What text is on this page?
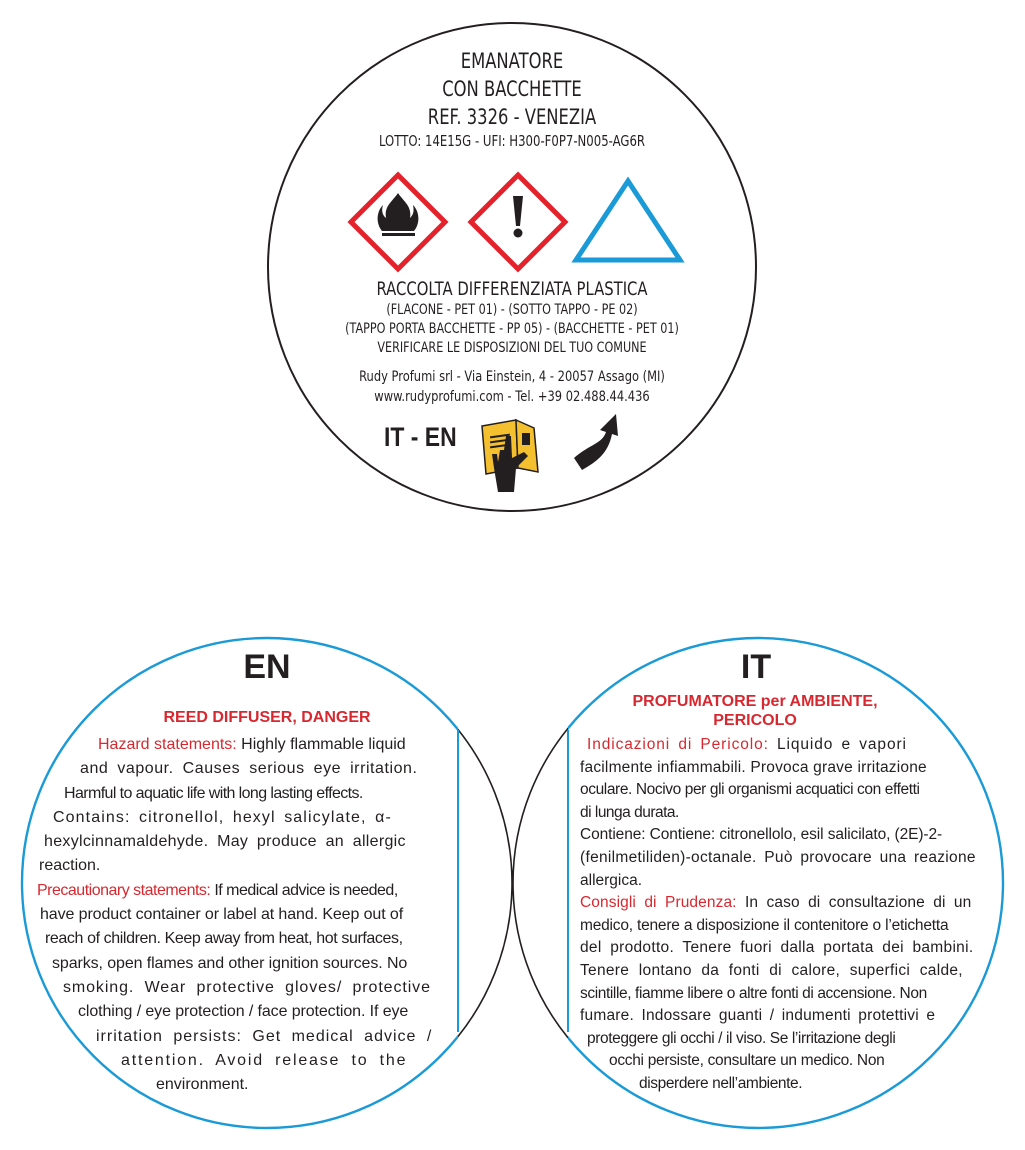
EMANATORE
CON BACCHETTE
REF. 3326 - VENEZIA
LOTTO: 14E15G - UFI: H300-F0P7-N005-AG6R
RACCOLTA DIFFERENZIATA PLASTICA
(FLACONE - PET 01) - (SOTTO TAPPO - PE 02)
(TAPPO PORTA BACCHETTE - PP 05) - (BACCHETTE - PET 01)
VERIFICARE LE DISPOSIZIONI DEL TUO COMUNE
Rudy Profumi srl - Via Einstein, 4 - 20057 Assago (MI)
www.rudyprofumi.com - Tel. +39 02.488.44.436
IT - EN
EN
REED DIFFUSER, DANGER
Hazard statements: Highly flammable liquid
and vapour. Causes serious eye irritation.
Harmful to aquatic life with long lasting effects.
Contains: citronellol, hexyl salicylate, α-
hexylcinnamaldehyde. May produce an allergic
reaction.
Precautionary statements: If medical advice is needed,
have product container or label at hand. Keep out of
reach of children. Keep away from heat, hot surfaces,
sparks, open flames and other ignition sources. No
smoking. Wear protective gloves/ protective
clothing / eye protection / face protection. If eye
irritation persists: Get medical advice /
attention. Avoid release to the
environment.
IT
PROFUMATORE per AMBIENTE,
PERICOLO
Indicazioni di Pericolo: Liquido e vapori
facilmente infiammabili. Provoca grave irritazione
oculare. Nocivo per gli organismi acquatici con effetti
di lunga durata.
Contiene: Contiene: citronellolo, esil salicilato, (2E)-2-
(fenilmetiliden)-octanale. Può provocare una reazione
allergica.
Consigli di Prudenza: In caso di consultazione di un
medico, tenere a disposizione il contenitore o l’etichetta
del prodotto. Tenere fuori dalla portata dei bambini.
Tenere lontano da fonti di calore, superfici calde,
scintille, fiamme libere o altre fonti di accensione. Non
fumare. Indossare guanti / indumenti protettivi e
proteggere gli occhi / il viso. Se l’irritazione degli
occhi persiste, consultare un medico. Non
disperdere nell’ambiente.
